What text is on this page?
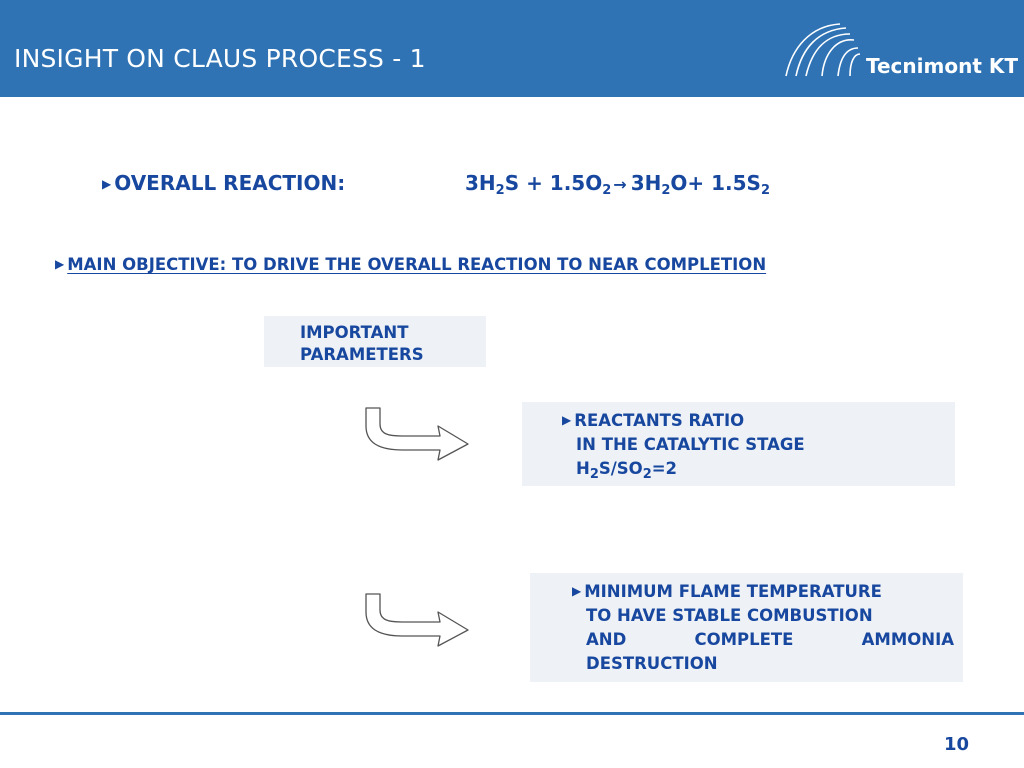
INSIGHT ON CLAUS PROCESS - 1	Tecnimont KT
▶ OVERALL REACTION:	$3H_2S + 1.5O_2 \to 3H_2O+ 1.5S_2$
▶ MAIN OBJECTIVE: TO DRIVE THE OVERALL REACTION TO NEAR COMPLETION
IMPORTANT
PARAMETERS
▶ REACTANTS RATIO
IN THE CATALYTIC STAGE
$H_2S/SO_2=2$
▶ MINIMUM FLAME TEMPERATURE
TO HAVE STABLE COMBUSTION
AND	COMPLETE	AMMONIA
DESTRUCTION
10
